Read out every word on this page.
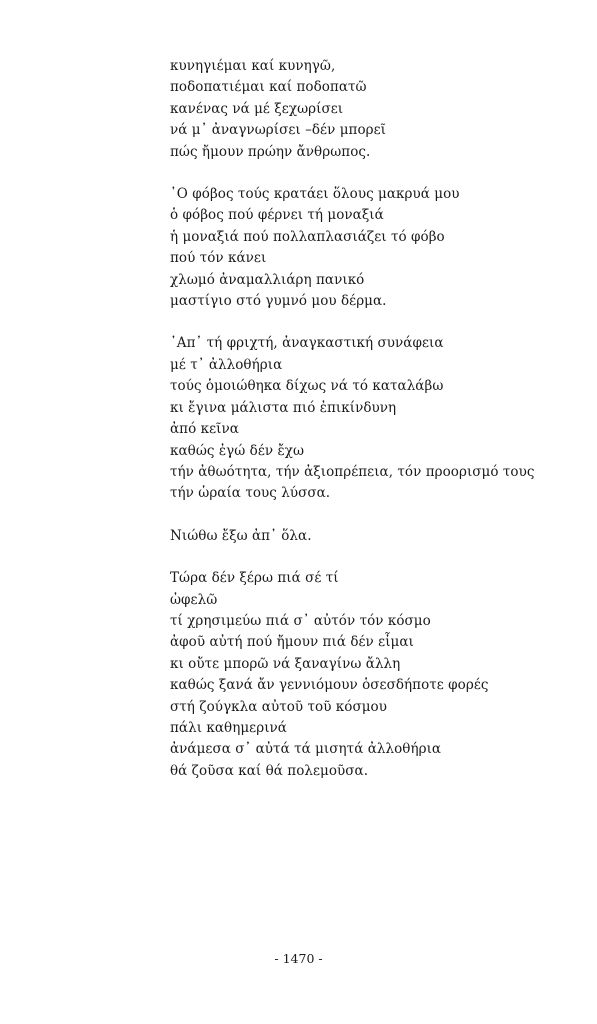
κυνηγιέμαι καί κυνηγῶ,
ποδοπατιέμαι καί ποδοπατῶ
κανένας νά μέ ξεχωρίσει
νά μ᾿ ἀναγνωρίσει –δέν μπορεῖ
πώς ἤμουν πρώην ἄνθρωπος.
῾Ο φόβος τούς κρατάει ὅλους μακρυά μου
ὁ φόβος πού φέρνει τή μοναξιά
ἡ μοναξιά πού πολλαπλασιάζει τό φόβο
πού τόν κάνει
χλωμό ἀναμαλλιάρη πανικό
μαστίγιο στό γυμνό μου δέρμα.
᾿Απ᾿ τή φριχτή, ἀναγκαστική συνάφεια
μέ τ᾿ ἀλλοθήρια
τούς ὁμοιώθηκα δίχως νά τό καταλάβω
κι ἔγινα μάλιστα πιό ἐπικίνδυνη
ἀπό κεῖνα
καθώς ἐγώ δέν ἔχω
τήν ἀθωότητα, τήν ἀξιοπρέπεια, τόν προορισμό τους
τήν ὡραία τους λύσσα.
Νιώθω ἔξω ἀπ᾿ ὅλα.
Τώρα δέν ξέρω πιά σέ τί
ὠφελῶ
τί χρησιμεύω πιά σ᾿ αὐτόν τόν κόσμο
ἀφοῦ αὐτή πού ἤμουν πιά δέν εἶμαι
κι οὔτε μπορῶ νά ξαναγίνω ἄλλη
καθώς ξανά ἄν γεννιόμουν ὁσεσδήποτε φορές
στή ζούγκλα αὐτοῦ τοῦ κόσμου
πάλι καθημερινά
ἀνάμεσα σ᾿ αὐτά τά μισητά ἀλλοθήρια
θά ζοῦσα καί θά πολεμοῦσα.
- 1470 -
